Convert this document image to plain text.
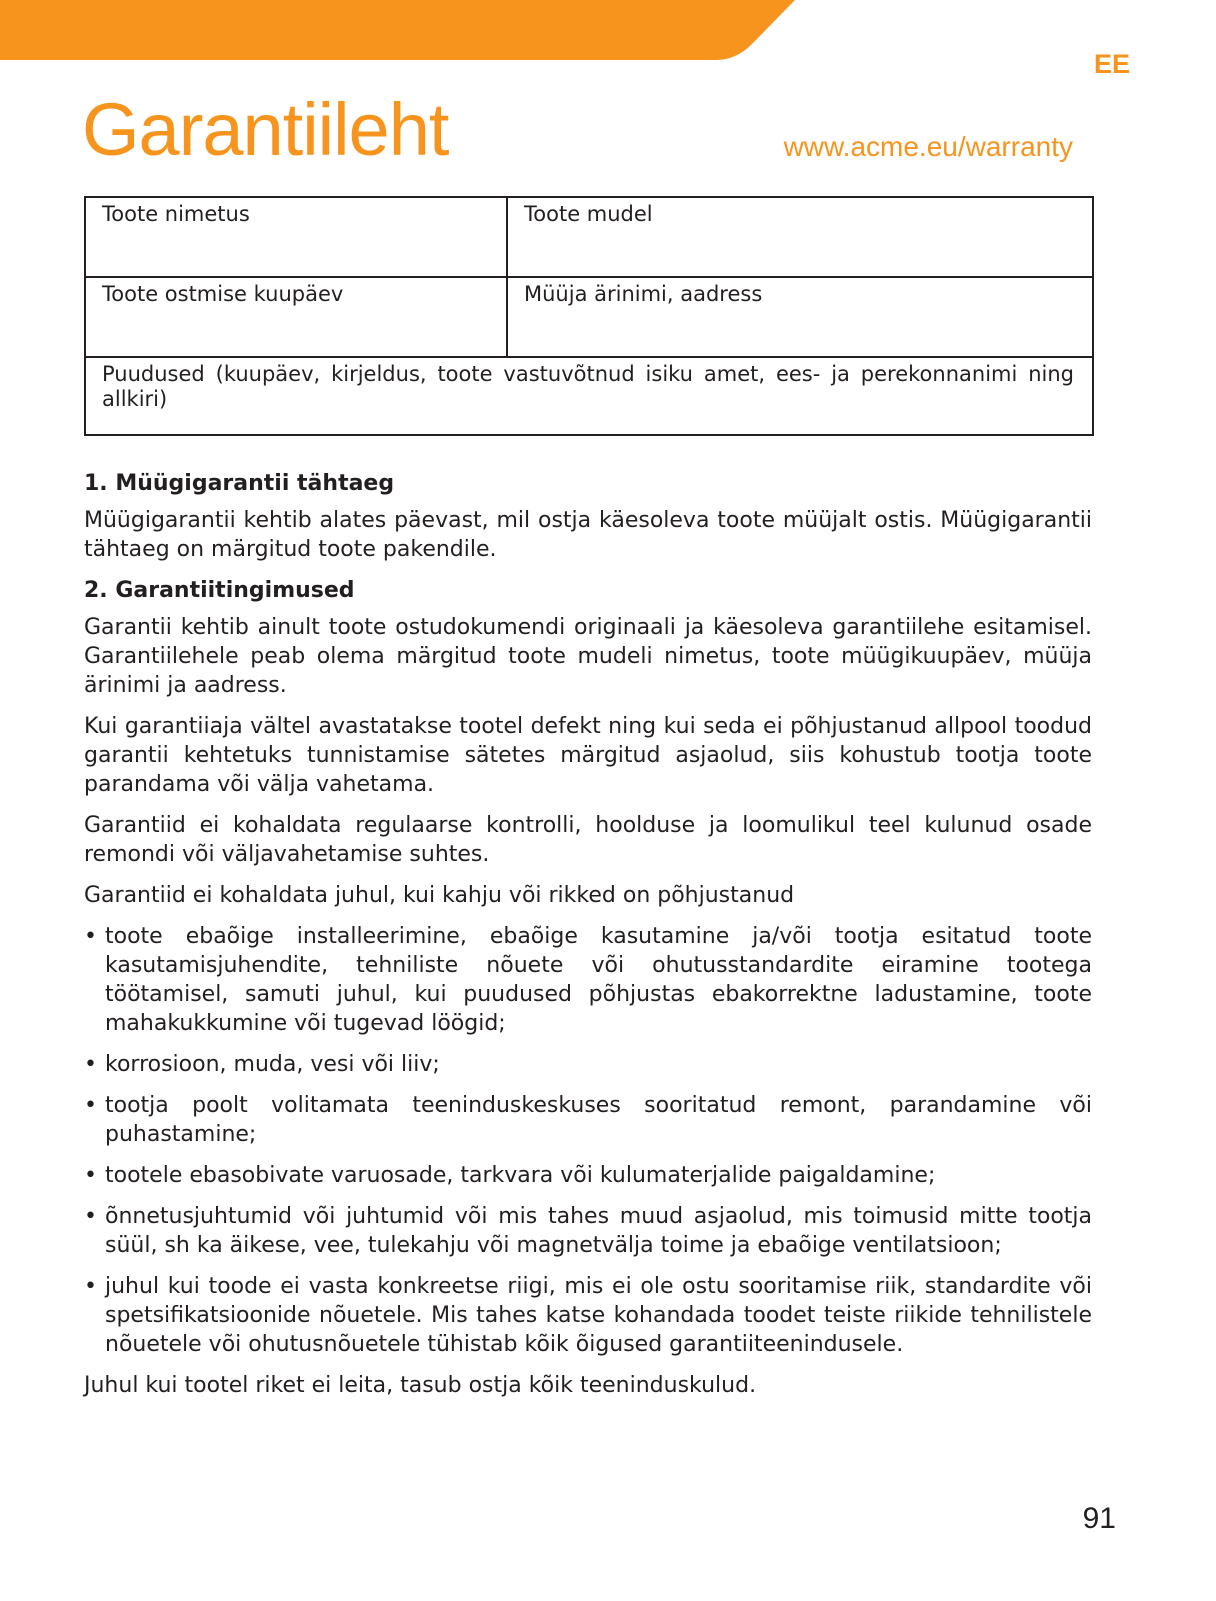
EE
Garantiileht	www.acme.eu/warranty
Toote nimetus	Toote mudel
Toote ostmise kuupäev	Müüja ärinimi, aadress
Puudused (kuupäev, kirjeldus, toote vastuvõtnud isiku amet, ees- ja perekonnanimi ning allkiri)	
1. Müügigarantii tähtaeg
Müügigarantii kehtib alates päevast, mil ostja käesoleva toote müüjalt ostis. Müügigarantii tähtaeg on märgitud toote pakendile.
2. Garantiitingimused
Garantii kehtib ainult toote ostudokumendi originaali ja käesoleva garantiilehe esitamisel. Garantiilehele peab olema märgitud toote mudeli nimetus, toote müügikuupäev, müüja ärinimi ja aadress.
Kui garantiiaja vältel avastatakse tootel defekt ning kui seda ei põhjustanud allpool toodud garantii kehtetuks tunnistamise sätetes märgitud asjaolud, siis kohustub tootja toote parandama või välja vahetama.
Garantiid ei kohaldata regulaarse kontrolli, hoolduse ja loomulikul teel kulunud osade remondi või väljavahetamise suhtes.
Garantiid ei kohaldata juhul, kui kahju või rikked on põhjustanud
• toote ebaõige installeerimine, ebaõige kasutamine ja/või tootja esitatud toote kasutamisjuhendite, tehniliste nõuete või ohutusstandardite eiramine tootega töötamisel, samuti juhul, kui puudused põhjustas ebakorrektne ladustamine, toote mahakukkumine või tugevad löögid;
• korrosioon, muda, vesi või liiv;
• tootja poolt volitamata teeninduskeskuses sooritatud remont, parandamine või puhastamine;
• tootele ebasobivate varuosade, tarkvara või kulumaterjalide paigaldamine;
• õnnetusjuhtumid või juhtumid või mis tahes muud asjaolud, mis toimusid mitte tootja süül, sh ka äikese, vee, tulekahju või magnetvälja toime ja ebaõige ventilatsioon;
• juhul kui toode ei vasta konkreetse riigi, mis ei ole ostu sooritamise riik, standardite või spetsifikatsioonide nõuetele. Mis tahes katse kohandada toodet teiste riikide tehnilistele nõuetele või ohutusnõuetele tühistab kõik õigused garantiiteenindusele.
Juhul kui tootel riket ei leita, tasub ostja kõik teeninduskulud.
91
